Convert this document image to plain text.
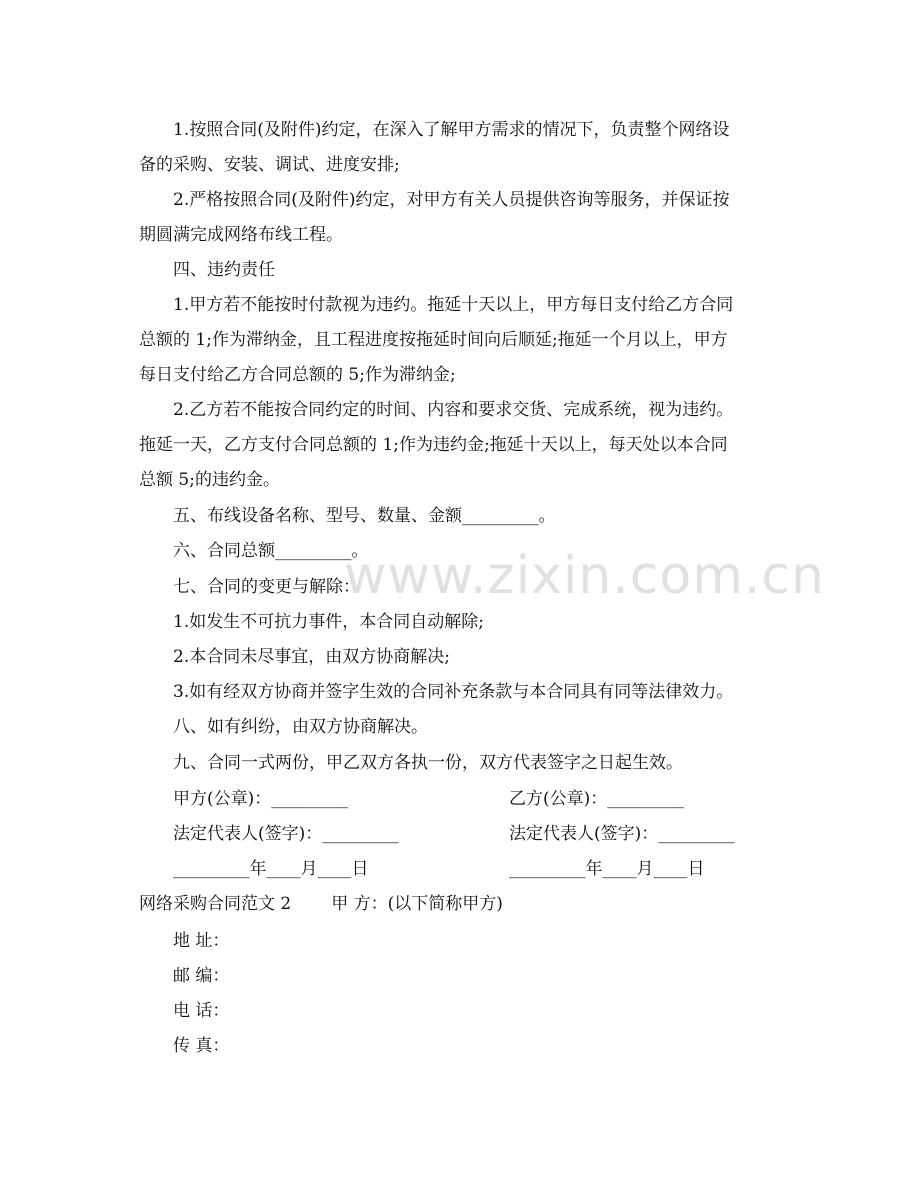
www.zixin.com.cn
1.按照合同(及附件)约定，在深入了解甲方需求的情况下，负责整个网络设
备的采购、安装、调试、进度安排;
2.严格按照合同(及附件)约定，对甲方有关人员提供咨询等服务，并保证按
期圆满完成网络布线工程。
四、违约责任
1.甲方若不能按时付款视为违约。拖延十天以上，甲方每日支付给乙方合同
总额的 1;作为滞纳金，且工程进度按拖延时间向后顺延;拖延一个月以上，甲方
每日支付给乙方合同总额的 5;作为滞纳金;
2.乙方若不能按合同约定的时间、内容和要求交货、完成系统，视为违约。
拖延一天，乙方支付合同总额的 1;作为违约金;拖延十天以上，每天处以本合同
总额 5;的违约金。
五、布线设备名称、型号、数量、金额_________。
六、合同总额_________。
七、合同的变更与解除：
1.如发生不可抗力事件，本合同自动解除;
2.本合同未尽事宜，由双方协商解决;
3.如有经双方协商并签字生效的合同补充条款与本合同具有同等法律效力。
八、如有纠纷，由双方协商解决。
九、合同一式两份，甲乙双方各执一份，双方代表签字之日起生效。
甲方(公章)：_________	乙方(公章)：_________
法定代表人(签字)：_________	法定代表人(签字)：_________
_________年____月____日	_________年____月____日
网络采购合同范文 2 甲 方：(以下简称甲方)
地 址：
邮 编：
电 话：
传 真：
